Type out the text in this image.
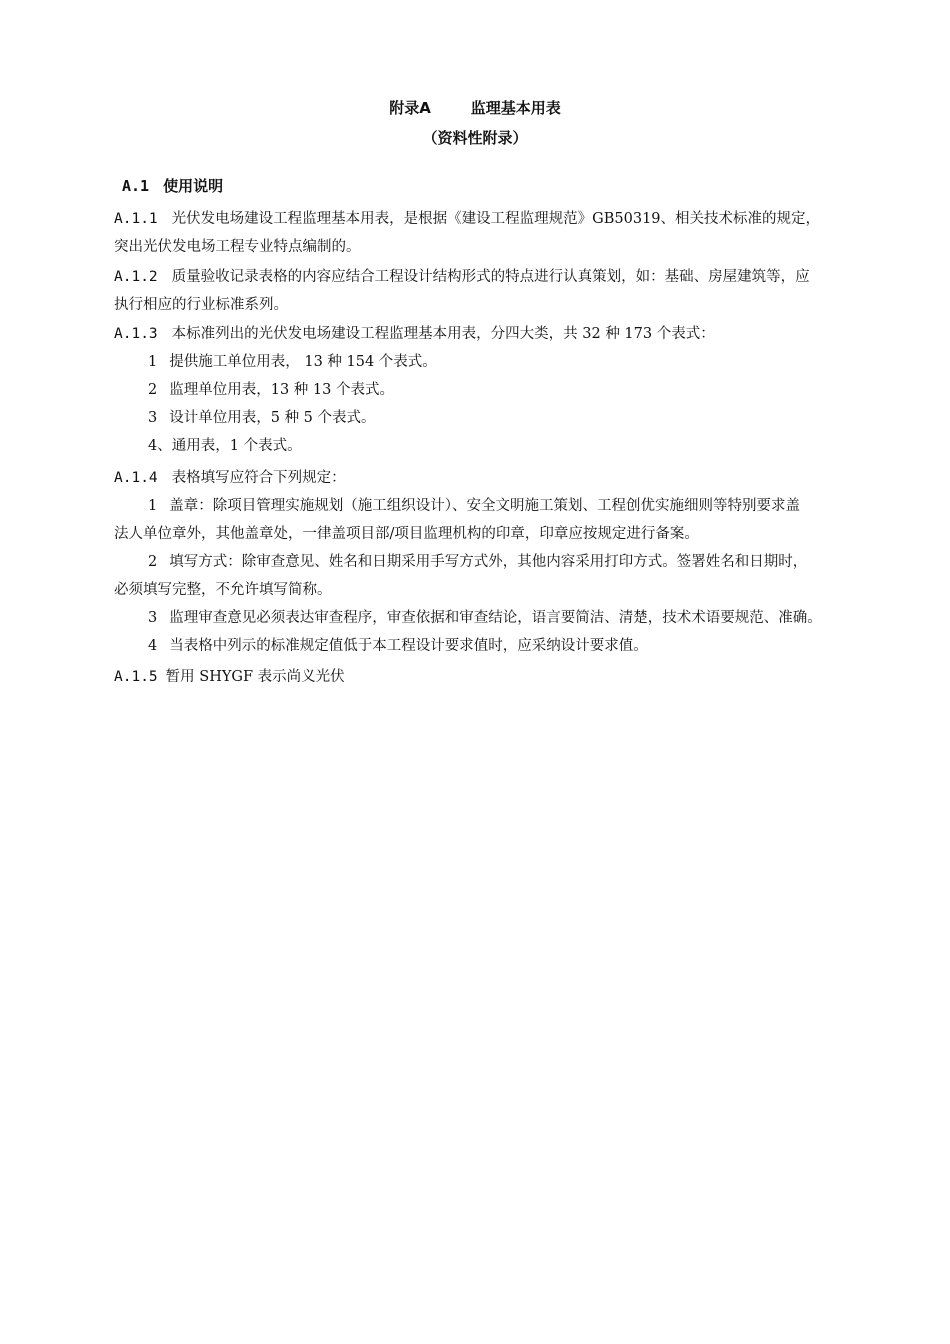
附录A	监理基本用表
（资料性附录）
A.1 使用说明
A.1.1 光伏发电场建设工程监理基本用表，是根据《建设工程监理规范》GB50319、相关技术标准的规定，
突出光伏发电场工程专业特点编制的。
A.1.2 质量验收记录表格的内容应结合工程设计结构形式的特点进行认真策划，如：基础、房屋建筑等，应
执行相应的行业标准系列。
A.1.3 本标准列出的光伏发电场建设工程监理基本用表，分四大类，共 32 种 173 个表式：
1 提供施工单位用表， 13 种 154 个表式。
2 监理单位用表，13 种 13 个表式。
3 设计单位用表，5 种 5 个表式。
4、通用表，1 个表式。
A.1.4 表格填写应符合下列规定：
1 盖章：除项目管理实施规划（施工组织设计）、安全文明施工策划、工程创优实施细则等特别要求盖
法人单位章外，其他盖章处，一律盖项目部/项目监理机构的印章，印章应按规定进行备案。
2 填写方式：除审查意见、姓名和日期采用手写方式外，其他内容采用打印方式。签署姓名和日期时，
必须填写完整，不允许填写简称。
3 监理审查意见必须表达审查程序，审查依据和审查结论，语言要简洁、清楚，技术术语要规范、准确。
4 当表格中列示的标准规定值低于本工程设计要求值时，应采纳设计要求值。
A.1.5 暂用 SHYGF 表示尚义光伏
